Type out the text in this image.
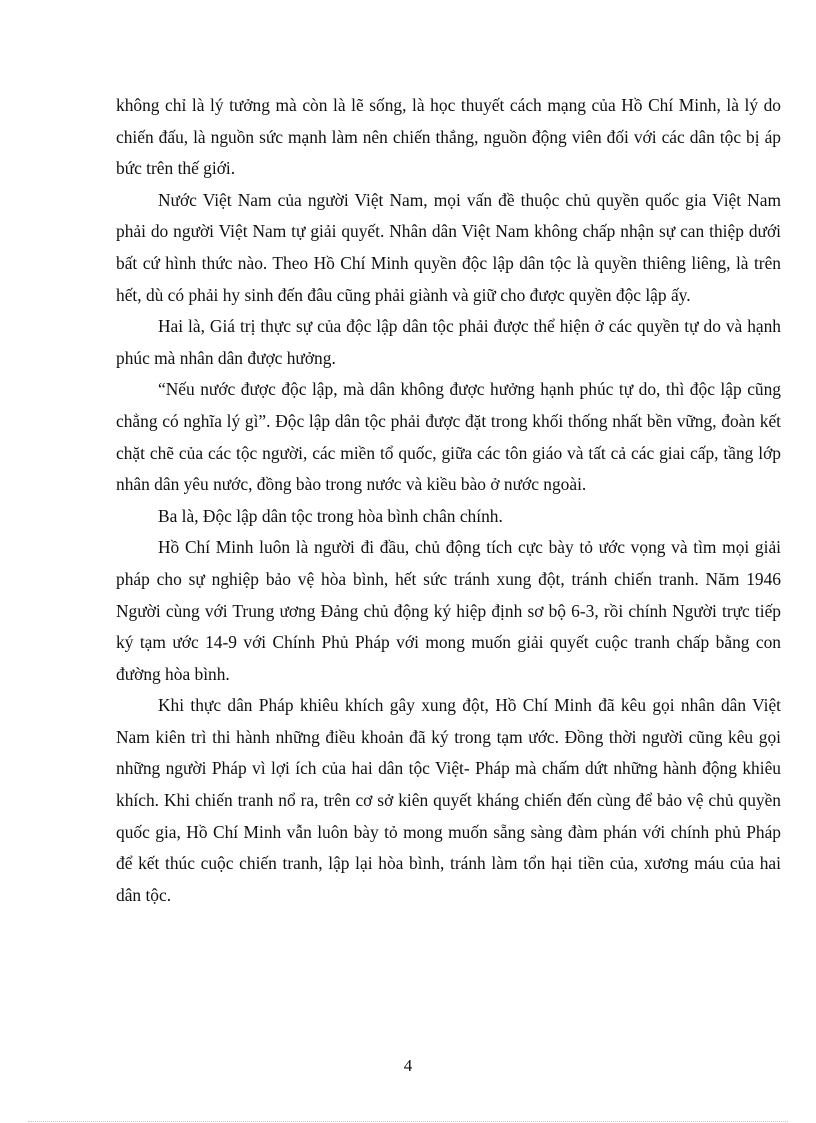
không chỉ là lý tưởng mà còn là lẽ sống, là học thuyết cách mạng của Hồ Chí Minh, là lý do chiến đấu, là nguồn sức mạnh làm nên chiến thắng, nguồn động viên đối với các dân tộc bị áp bức trên thế giới.

Nước Việt Nam của người Việt Nam, mọi vấn đề thuộc chủ quyền quốc gia Việt Nam phải do người Việt Nam tự giải quyết. Nhân dân Việt Nam không chấp nhận sự can thiệp dưới bất cứ hình thức nào. Theo Hồ Chí Minh quyền độc lập dân tộc là quyền thiêng liêng, là trên hết, dù có phải hy sinh đến đâu cũng phải giành và giữ cho được quyền độc lập ấy.

Hai là, Giá trị thực sự của độc lập dân tộc phải được thể hiện ở các quyền tự do và hạnh phúc mà nhân dân được hưởng.

“Nếu nước được độc lập, mà dân không được hưởng hạnh phúc tự do, thì độc lập cũng chẳng có nghĩa lý gì”. Độc lập dân tộc phải được đặt trong khối thống nhất bền vững, đoàn kết chặt chẽ của các tộc người, các miền tổ quốc, giữa các tôn giáo và tất cả các giai cấp, tầng lớp nhân dân yêu nước, đồng bào trong nước và kiều bào ở nước ngoài.

Ba là, Độc lập dân tộc trong hòa bình chân chính.

Hồ Chí Minh luôn là người đi đầu, chủ động tích cực bày tỏ ước vọng và tìm mọi giải pháp cho sự nghiệp bảo vệ hòa bình, hết sức tránh xung đột, tránh chiến tranh. Năm 1946 Người cùng với Trung ương Đảng chủ động ký hiệp định sơ bộ 6-3, rồi chính Người trực tiếp ký tạm ước 14-9 với Chính Phủ Pháp với mong muốn giải quyết cuộc tranh chấp bằng con đường hòa bình.

Khi thực dân Pháp khiêu khích gây xung đột, Hồ Chí Minh đã kêu gọi nhân dân Việt Nam kiên trì thi hành những điều khoản đã ký trong tạm ước. Đồng thời người cũng kêu gọi những người Pháp vì lợi ích của hai dân tộc Việt- Pháp mà chấm dứt những hành động khiêu khích. Khi chiến tranh nổ ra, trên cơ sở kiên quyết kháng chiến đến cùng để bảo vệ chủ quyền quốc gia, Hồ Chí Minh vẫn luôn bày tỏ mong muốn sẵng sàng đàm phán với chính phủ Pháp để kết thúc cuộc chiến tranh, lập lại hòa bình, tránh làm tổn hại tiền của, xương máu của hai dân tộc.

4
